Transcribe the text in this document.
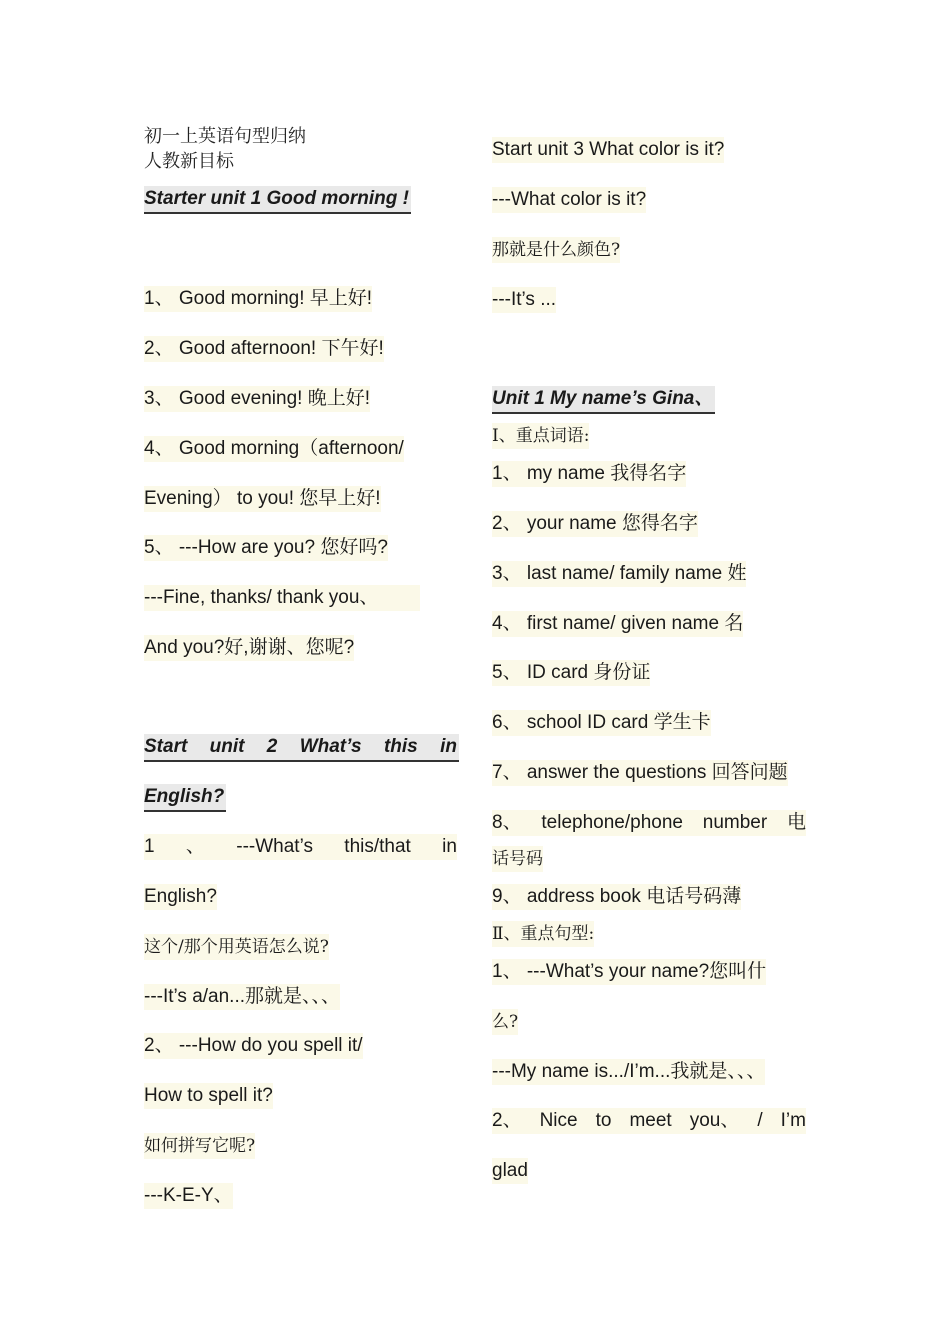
初一上英语句型归纳
人教新目标
Starter unit 1 Good morning !
1、 Good morning! 早上好!
2、 Good afternoon! 下午好!
3、 Good evening! 晚上好!
4、 Good morning（afternoon/
Evening） to you! 您早上好!
5、 ---How are you? 您好吗?
---Fine, thanks/ thank you、
And you?好,谢谢、您呢?
Start unit 2 What’s this in
English?
1 、 ---What’s this/that in
English?
这个/那个用英语怎么说?
---It’s a/an...那就是、、、
2、 ---How do you spell it/
How to spell it?
如何拼写它呢?
---K-E-Y、
Start unit 3 What color is it?
---What color is it?
那就是什么颜色?
---It’s ...
Unit 1 My name’s Gina、
Ⅰ、重点词语:
1、 my name 我得名字
2、 your name 您得名字
3、 last name/ family name 姓
4、 first name/ given name 名
5、 ID card 身份证
6、 school ID card 学生卡
7、 answer the questions 回答问题
8、 telephone/phone number 电
话号码
9、 address book 电话号码薄
Ⅱ、重点句型:
1、 ---What’s your name?您叫什
么?
---My name is.../I’m...我就是、、、
2、 Nice to meet you、 / I’m
glad
